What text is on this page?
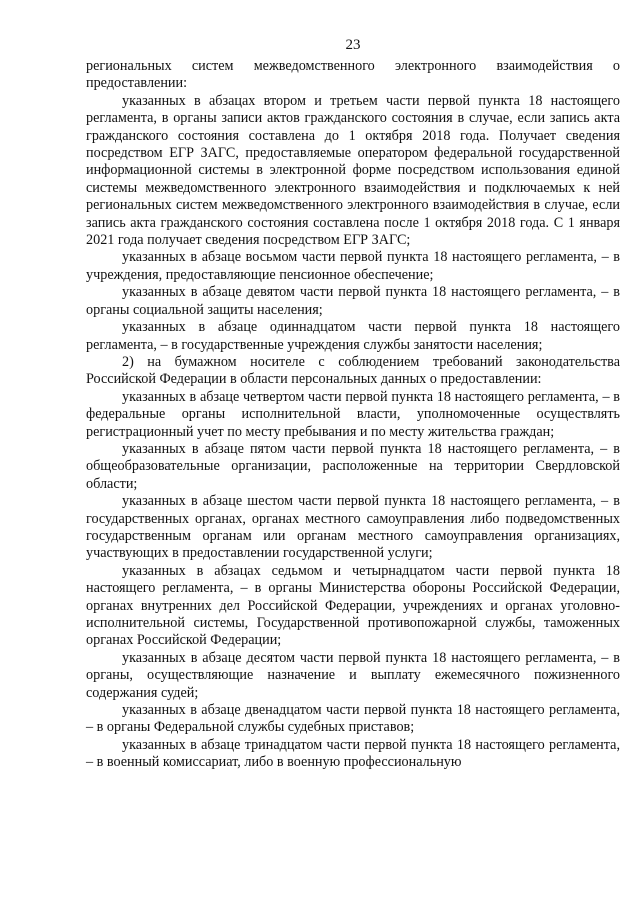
23

региональных систем межведомственного электронного взаимодействия о предоставлении:

указанных в абзацах втором и третьем части первой пункта 18 настоящего регламента, в органы записи актов гражданского состояния в случае, если запись акта гражданского состояния составлена до 1 октября 2018 года. Получает сведения посредством ЕГР ЗАГС, предоставляемые оператором федеральной государственной информационной системы в электронной форме посредством использования единой системы межведомственного электронного взаимодействия и подключаемых к ней региональных систем межведомственного электронного взаимодействия в случае, если запись акта гражданского состояния составлена после 1 октября 2018 года. С 1 января 2021 года получает сведения посредством ЕГР ЗАГС;

указанных в абзаце восьмом части первой пункта 18 настоящего регламента, – в учреждения, предоставляющие пенсионное обеспечение;

указанных в абзаце девятом части первой пункта 18 настоящего регламента, – в органы социальной защиты населения;

указанных в абзаце одиннадцатом части первой пункта 18 настоящего регламента, – в государственные учреждения службы занятости населения;

2) на бумажном носителе с соблюдением требований законодательства Российской Федерации в области персональных данных о предоставлении:

указанных в абзаце четвертом части первой пункта 18 настоящего регламента, – в федеральные органы исполнительной власти, уполномоченные осуществлять регистрационный учет по месту пребывания и по месту жительства граждан;

указанных в абзаце пятом части первой пункта 18 настоящего регламента, – в общеобразовательные организации, расположенные на территории Свердловской области;

указанных в абзаце шестом части первой пункта 18 настоящего регламента, – в государственных органах, органах местного самоуправления либо подведомственных государственным органам или органам местного самоуправления организациях, участвующих в предоставлении государственной услуги;

указанных в абзацах седьмом и четырнадцатом части первой пункта 18 настоящего регламента, – в органы Министерства обороны Российской Федерации, органах внутренних дел Российской Федерации, учреждениях и органах уголовно-исполнительной системы, Государственной противопожарной службы, таможенных органах Российской Федерации;

указанных в абзаце десятом части первой пункта 18 настоящего регламента, – в органы, осуществляющие назначение и выплату ежемесячного пожизненного содержания судей;

указанных в абзаце двенадцатом части первой пункта 18 настоящего регламента, – в органы Федеральной службы судебных приставов;

указанных в абзаце тринадцатом части первой пункта 18 настоящего регламента, – в военный комиссариат, либо в военную профессиональную
